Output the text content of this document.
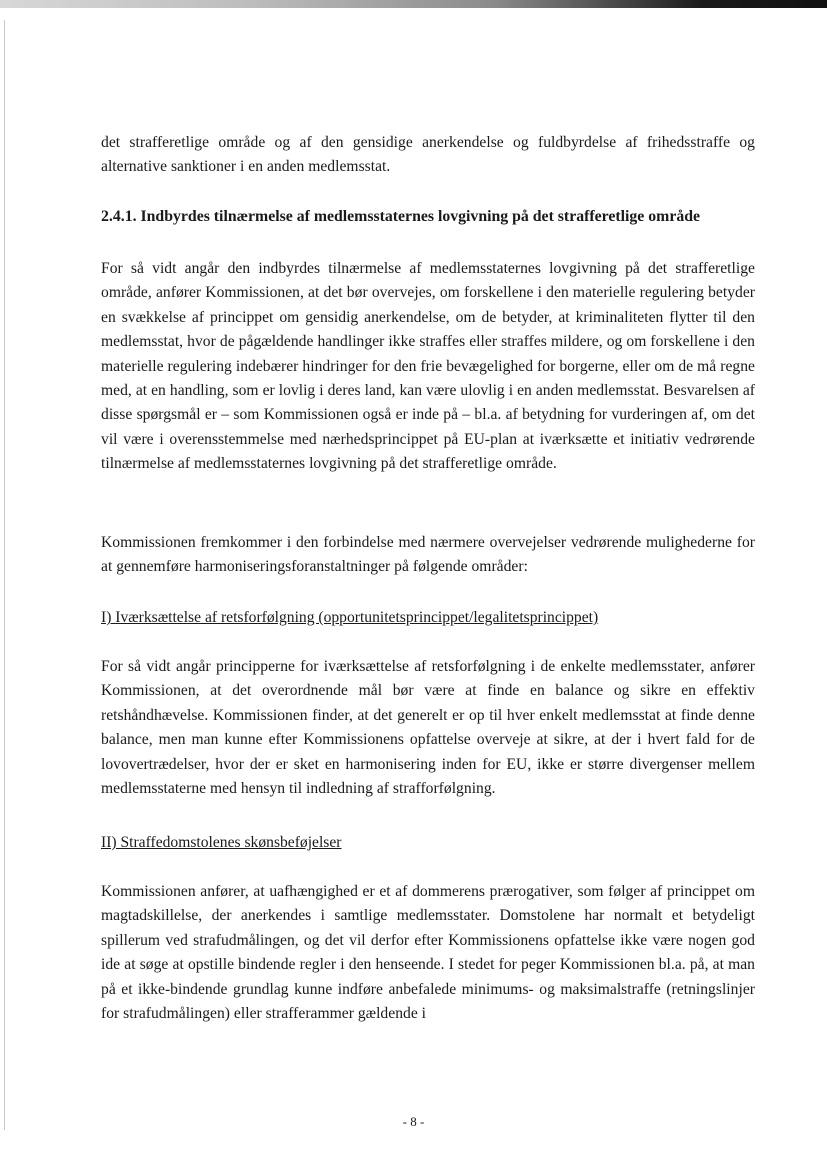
det strafferetlige område og af den gensidige anerkendelse og fuldbyrdelse af frihedsstraffe og alternative sanktioner i en anden medlemsstat.

2.4.1. Indbyrdes tilnærmelse af medlemsstaternes lovgivning på det strafferetlige område

For så vidt angår den indbyrdes tilnærmelse af medlemsstaternes lovgivning på det strafferetlige område, anfører Kommissionen, at det bør overvejes, om forskellene i den materielle regulering betyder en svækkelse af princippet om gensidig anerkendelse, om de betyder, at kriminaliteten flytter til den medlemsstat, hvor de pågældende handlinger ikke straffes eller straffes mildere, og om forskellene i den materielle regulering indebærer hindringer for den frie bevægelighed for borgerne, eller om de må regne med, at en handling, som er lovlig i deres land, kan være ulovlig i en anden medlemsstat. Besvarelsen af disse spørgsmål er – som Kommissionen også er inde på – bl.a. af betydning for vurderingen af, om det vil være i overensstemmelse med nærhedsprincippet på EU-plan at iværksætte et initiativ vedrørende tilnærmelse af medlemsstaternes lovgivning på det strafferetlige område.

Kommissionen fremkommer i den forbindelse med nærmere overvejelser vedrørende mulighederne for at gennemføre harmoniseringsforanstaltninger på følgende områder:

I) Iværksættelse af retsforfølgning (opportunitetsprincippet/legalitetsprincippet)

For så vidt angår principperne for iværksættelse af retsforfølgning i de enkelte medlemsstater, anfører Kommissionen, at det overordnende mål bør være at finde en balance og sikre en effektiv retshåndhævelse. Kommissionen finder, at det generelt er op til hver enkelt medlemsstat at finde denne balance, men man kunne efter Kommissionens opfattelse overveje at sikre, at der i hvert fald for de lovovertrædelser, hvor der er sket en harmonisering inden for EU, ikke er større divergenser mellem medlemsstaterne med hensyn til indledning af strafforfølgning.

II) Straffedomstolenes skønsbeføjelser

Kommissionen anfører, at uafhængighed er et af dommerens prærogativer, som følger af princippet om magtadskillelse, der anerkendes i samtlige medlemsstater. Domstolene har normalt et betydeligt spillerum ved strafudmålingen, og det vil derfor efter Kommissionens opfattelse ikke være nogen god ide at søge at opstille bindende regler i den henseende. I stedet for peger Kommissionen bl.a. på, at man på et ikke-bindende grundlag kunne indføre anbefalede minimums- og maksimalstraffe (retningslinjer for strafudmålingen) eller strafferammer gældende i

- 8 -
